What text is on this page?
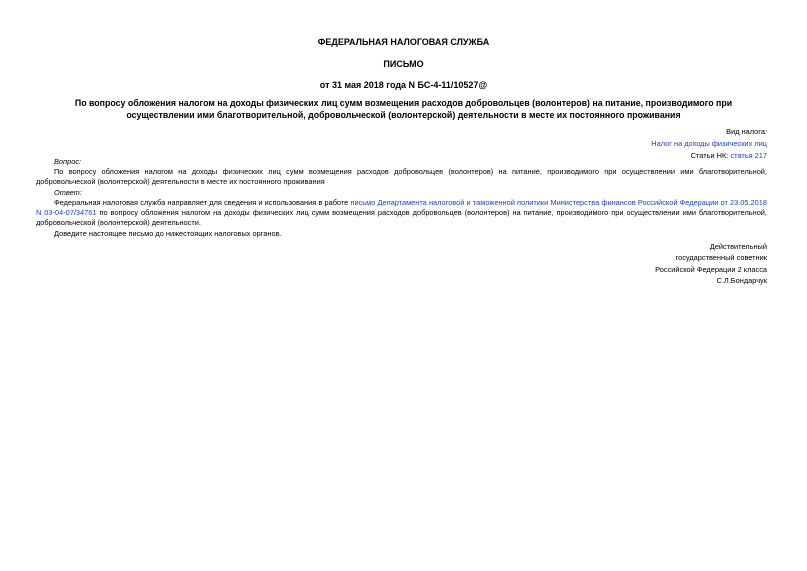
ФЕДЕРАЛЬНАЯ НАЛОГОВАЯ СЛУЖБА
ПИСЬМО
от 31 мая 2018 года N БС-4-11/10527@
По вопросу обложения налогом на доходы физических лиц сумм возмещения расходов добровольцев (волонтеров) на питание, производимого при осуществлении ими благотворительной, добровольческой (волонтерской) деятельности в месте их постоянного проживания
Вид налога:
Налог на доходы физических лиц
Статьи НК: статья 217

Вопрос:

По вопросу обложения налогом на доходы физических лиц сумм возмещения расходов добровольцев (волонтеров) на питание, производимого при осуществлении ими благотворительной, добровольческой (волонтерской) деятельности в месте их постоянного проживания

Ответ:

Федеральная налоговая служба направляет для сведения и использования в работе письмо Департамента налоговой и таможенной политики Министерства финансов Российской Федерации от 23.05.2018 N 03-04-07/34761 по вопросу обложения налогом на доходы физических лиц сумм возмещения расходов добровольцев (волонтеров) на питание, производимого при осуществлении ими благотворительной, добровольческой (волонтерской) деятельности.

Доведите настоящее письмо до нижестоящих налоговых органов.

Действительный
государственный советник
Российской Федерации 2 класса
С.Л.Бондарчук
